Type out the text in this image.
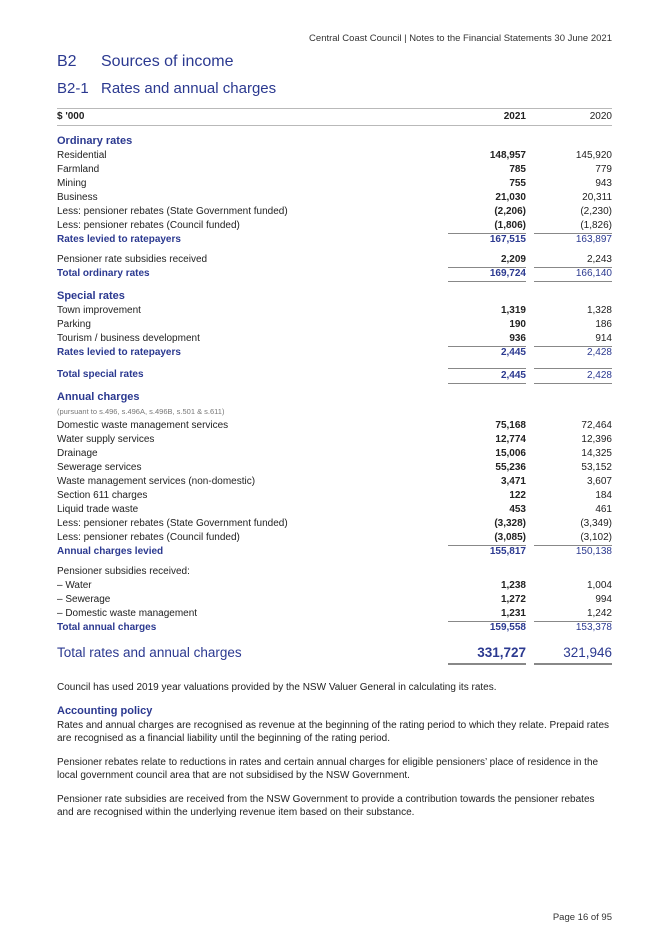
Central Coast Council | Notes to the Financial Statements 30 June 2021
B2 Sources of income
B2-1 Rates and annual charges
$ '000	2021	2020
Ordinary rates
Residential	148,957	145,920
Farmland	785	779
Mining	755	943
Business	21,030	20,311
Less: pensioner rebates (State Government funded)	(2,206)	(2,230)
Less: pensioner rebates (Council funded)	(1,806)	(1,826)
Rates levied to ratepayers	167,515	163,897
Pensioner rate subsidies received	2,209	2,243
Total ordinary rates	169,724	166,140
Special rates
Town improvement	1,319	1,328
Parking	190	186
Tourism / business development	936	914
Rates levied to ratepayers	2,445	2,428
Total special rates	2,445	2,428
Annual charges
(pursuant to s.496, s.496A, s.496B, s.501 & s.611)
Domestic waste management services	75,168	72,464
Water supply services	12,774	12,396
Drainage	15,006	14,325
Sewerage services	55,236	53,152
Waste management services (non-domestic)	3,471	3,607
Section 611 charges	122	184
Liquid trade waste	453	461
Less: pensioner rebates (State Government funded)	(3,328)	(3,349)
Less: pensioner rebates (Council funded)	(3,085)	(3,102)
Annual charges levied	155,817	150,138
Pensioner subsidies received:
– Water	1,238	1,004
– Sewerage	1,272	994
– Domestic waste management	1,231	1,242
Total annual charges	159,558	153,378
Total rates and annual charges	331,727	321,946

Council has used 2019 year valuations provided by the NSW Valuer General in calculating its rates.

Accounting policy

Rates and annual charges are recognised as revenue at the beginning of the rating period to which they relate. Prepaid rates are recognised as a financial liability until the beginning of the rating period.

Pensioner rebates relate to reductions in rates and certain annual charges for eligible pensioners’ place of residence in the local government council area that are not subsidised by the NSW Government.

Pensioner rate subsidies are received from the NSW Government to provide a contribution towards the pensioner rebates and are recognised within the underlying revenue item based on their substance.

Page 16 of 95
